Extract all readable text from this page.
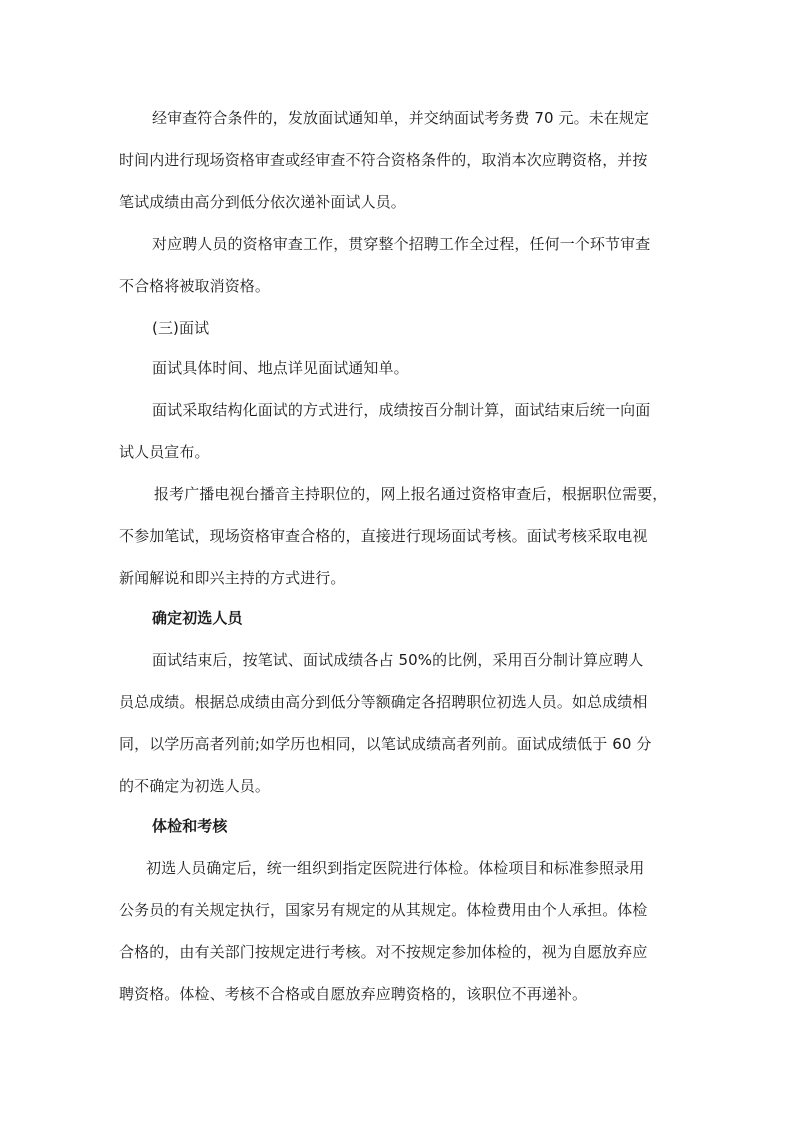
经审查符合条件的，发放面试通知单，并交纳面试考务费 70 元。未在规定
时间内进行现场资格审查或经审查不符合资格条件的，取消本次应聘资格，并按
笔试成绩由高分到低分依次递补面试人员。
对应聘人员的资格审查工作，贯穿整个招聘工作全过程，任何一个环节审查
不合格将被取消资格。
(三)面试
面试具体时间、地点详见面试通知单。
面试采取结构化面试的方式进行，成绩按百分制计算，面试结束后统一向面
试人员宣布。
报考广播电视台播音主持职位的，网上报名通过资格审查后，根据职位需要，
不参加笔试，现场资格审查合格的，直接进行现场面试考核。面试考核采取电视
新闻解说和即兴主持的方式进行。
确定初选人员
面试结束后，按笔试、面试成绩各占 50%的比例，采用百分制计算应聘人
员总成绩。根据总成绩由高分到低分等额确定各招聘职位初选人员。如总成绩相
同，以学历高者列前;如学历也相同，以笔试成绩高者列前。面试成绩低于 60 分
的不确定为初选人员。
体检和考核
初选人员确定后，统一组织到指定医院进行体检。体检项目和标准参照录用
公务员的有关规定执行，国家另有规定的从其规定。体检费用由个人承担。体检
合格的，由有关部门按规定进行考核。对不按规定参加体检的，视为自愿放弃应
聘资格。体检、考核不合格或自愿放弃应聘资格的，该职位不再递补。
